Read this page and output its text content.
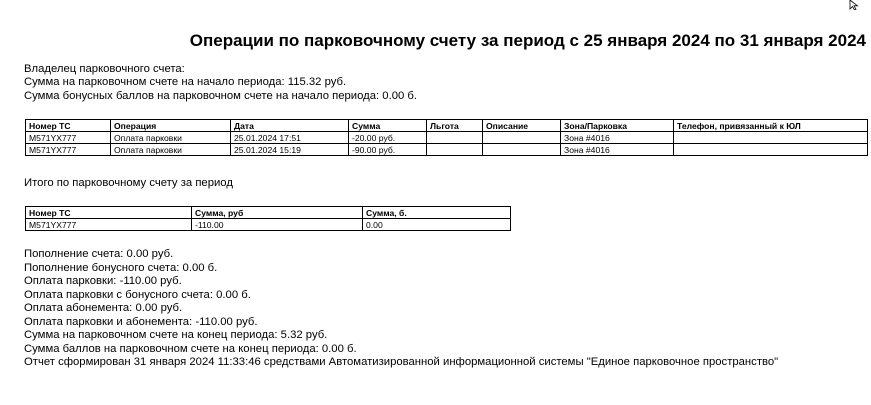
Операции по парковочному счету за период с 25 января 2024 по 31 января 2024
Владелец парковочного счета:
Сумма на парковочном счете на начало периода: 115.32 руб.
Сумма бонусных баллов на парковочном счете на начало периода: 0.00 б.
Номер ТС	Операция	Дата	Сумма	Льгота	Описание	Зона/Парковка	Телефон, привязанный к ЮЛ
M571YX777	Оплата парковки	25.01.2024 17:51	-20.00 руб.			Зона #4016	
M571YX777	Оплата парковки	25.01.2024 15:19	-90.00 руб.			Зона #4016	
Итого по парковочному счету за период
Номер ТС	Сумма, руб	Сумма, б.
M571YX777	-110.00	0.00
Пополнение счета: 0.00 руб.
Пополнение бонусного счета: 0.00 б.
Оплата парковки: -110.00 руб.
Оплата парковки с бонусного счета: 0.00 б.
Оплата абонемента: 0.00 руб.
Оплата парковки и абонемента: -110.00 руб.
Сумма на парковочном счете на конец периода: 5.32 руб.
Сумма баллов на парковочном счете на конец периода: 0.00 б.
Отчет сформирован 31 января 2024 11:33:46 средствами Автоматизированной информационной системы "Единое парковочное пространство"
